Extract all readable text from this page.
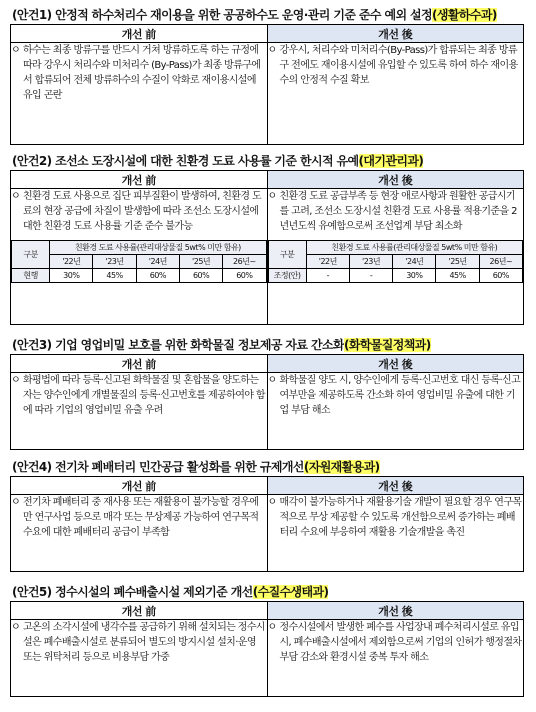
(안건1) 안정적 하수처리수 재이용을 위한 공공하수도 운영·관리 기준 준수 예외 설정(생활하수과)
개선 前	개선 後

ㅇ 하수는 최종 방류구를 반드시 거쳐 방류하도록 하는 규정에 따라 강우시 처리수와 미처리수 (By-Pass)가 최종 방류구에서 합류되어 전체 방류하수의 수질이 악화로 재이용시설에 유입 곤란	ㅇ 강우시, 처리수와 미처리수(By-Pass)가 합류되는 최종 방류구 전에도 재이용시설에 유입할 수 있도록 하여 하수 재이용수의 안정적 수질 확보
(안건2) 조선소 도장시설에 대한 친환경 도료 사용률 기준 한시적 유예(대기관리과)
개선 前	개선 後

ㅇ 친환경 도료 사용으로 집단 피부질환이 발생하여, 친환경 도료의 현장 공급에 차질이 발생함에 따라 조선소 도장시설에 대한 친환경 도료 사용률 기준 준수 불가능
구분	친환경 도료 사용률(관리대상물질 5wt% 미만 함유)
'22년	'23년	'24년	'25년	26년~
현행	30%	45%	60%	60%	60%

ㅇ 친환경 도료 공급부족 등 현장 애로사항과 원활한 공급시기를 고려, 조선소 도장시설 친환경 도료 사용률 적용기준을 2년년도씩 유예함으로써 조선업계 부담 최소화
구분	친환경 도료 사용률(관리대상물질 5wt% 미만 함유)
'22년	'23년	'24년	'25년	26년~
조정(안)	-	-	30%	45%	60%
(안건3) 기업 영업비밀 보호를 위한 화학물질 정보제공 자료 간소화(화학물질정책과)
개선 前	개선 後

ㅇ 화평법에 따라 등록·신고된 화학물질 및 혼합물을 양도하는 자는 양수인에게 개별물질의 등록·신고번호를 제공하여야 함에 따라 기업의 영업비밀 유출 우려	ㅇ 화학물질 양도 시, 양수인에게 등록·신고번호 대신 등록·신고 여부만을 제공하도록 간소화 하여 영업비밀 유출에 대한 기업 부담 해소
(안건4) 전기차 폐배터리 민간공급 활성화를 위한 규제개선(자원재활용과)
개선 前	개선 後

ㅇ 전기차 폐배터리 중 재사용 또는 재활용이 불가능할 경우에만 연구사업 등으로 매각 또는 무상제공 가능하여 연구목적 수요에 대한 폐배터리 공급이 부족함	ㅇ 매각이 불가능하거나 재활용기술 개발이 필요할 경우 연구목적으로 무상 제공할 수 있도록 개선함으로써 증가하는 폐배터리 수요에 부응하여 재활용 기술개발을 촉진
(안건5) 정수시설의 폐수배출시설 제외기준 개선(수질수생태과)
개선 前	개선 後

ㅇ 고온의 소각시설에 냉각수를 공급하기 위해 설치되는 정수시설은 폐수배출시설로 분류되어 별도의 방지시설 설치·운영 또는 위탁처리 등으로 비용부담 가중	ㅇ 정수시설에서 발생한 폐수를 사업장내 폐수처리시설로 유입시, 폐수배출시설에서 제외함으로써 기업의 인허가 행정절차 부담 감소와 환경시설 중복 투자 해소
